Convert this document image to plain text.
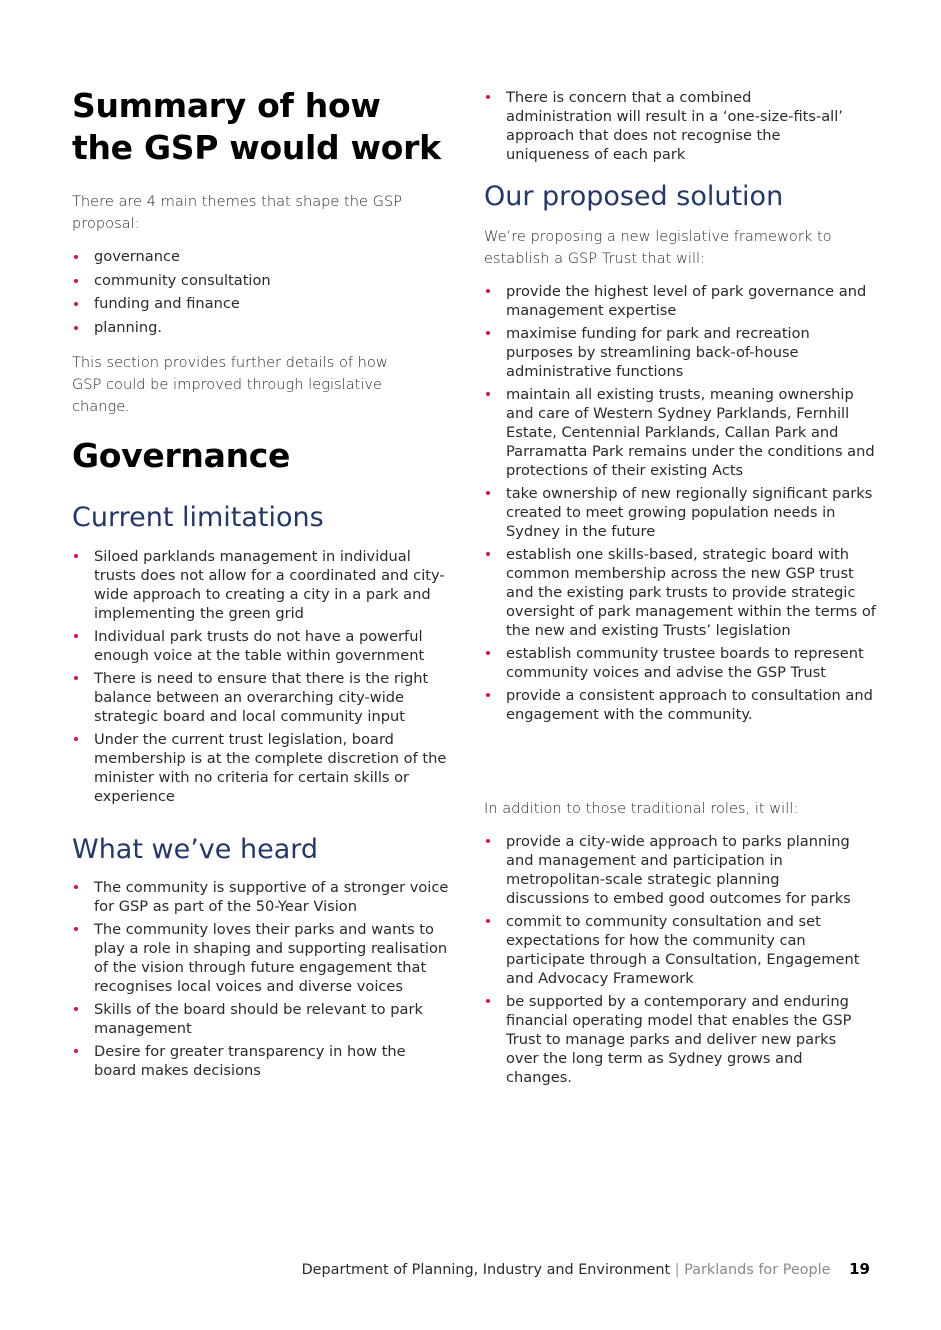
Summary of how the GSP would work

There are 4 main themes that shape the GSP proposal:

governance
community consultation
funding and finance
planning.

This section provides further details of how GSP could be improved through legislative change.

Governance
Current limitations
Siloed parklands management in individual trusts does not allow for a coordinated and city-wide approach to creating a city in a park and implementing the green grid
Individual park trusts do not have a powerful enough voice at the table within government
There is need to ensure that there is the right balance between an overarching city-wide strategic board and local community input
Under the current trust legislation, board membership is at the complete discretion of the minister with no criteria for certain skills or experience
What we’ve heard
The community is supportive of a stronger voice for GSP as part of the 50-Year Vision
The community loves their parks and wants to play a role in shaping and supporting realisation of the vision through future engagement that recognises local voices and diverse voices
Skills of the board should be relevant to park management
Desire for greater transparency in how the board makes decisions
There is concern that a combined administration will result in a ‘one-size-fits-all’ approach that does not recognise the uniqueness of each park
Our proposed solution

We’re proposing a new legislative framework to establish a GSP Trust that will:

provide the highest level of park governance and management expertise
maximise funding for park and recreation purposes by streamlining back-of-house administrative functions
maintain all existing trusts, meaning ownership and care of Western Sydney Parklands, Fernhill Estate, Centennial Parklands, Callan Park and Parramatta Park remains under the conditions and protections of their existing Acts
take ownership of new regionally significant parks created to meet growing population needs in Sydney in the future
establish one skills-based, strategic board with common membership across the new GSP trust and the existing park trusts to provide strategic oversight of park management within the terms of the new and existing Trusts’ legislation
establish community trustee boards to represent community voices and advise the GSP Trust
provide a consistent approach to consultation and engagement with the community.

In addition to those traditional roles, it will:

provide a city-wide approach to parks planning and management and participation in metropolitan-scale strategic planning discussions to embed good outcomes for parks
commit to community consultation and set expectations for how the community can participate through a Consultation, Engagement and Advocacy Framework
be supported by a contemporary and enduring financial operating model that enables the GSP Trust to manage parks and deliver new parks over the long term as Sydney grows and changes.
Department of Planning, Industry and Environment | Parklands for People 19
